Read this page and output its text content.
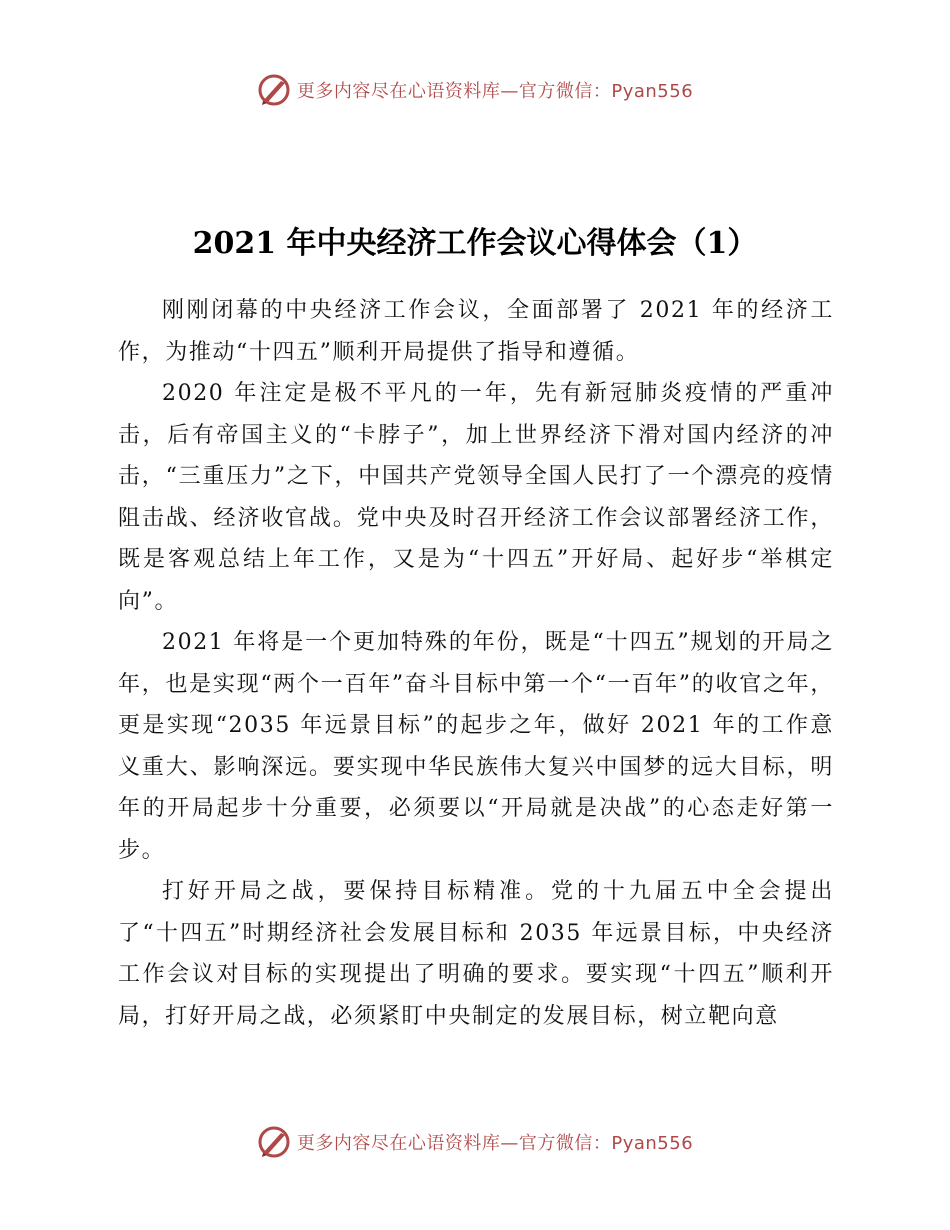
更多内容尽在心语资料库—官方微信：Pyan556
2021 年中央经济工作会议心得体会（1）

刚刚闭幕的中央经济工作会议，全面部署了 2021 年的经济工作，为推动“十四五”顺利开局提供了指导和遵循。

2020 年注定是极不平凡的一年，先有新冠肺炎疫情的严重冲击，后有帝国主义的“卡脖子”，加上世界经济下滑对国内经济的冲击，“三重压力”之下，中国共产党领导全国人民打了一个漂亮的疫情阻击战、经济收官战。党中央及时召开经济工作会议部署经济工作，既是客观总结上年工作，又是为“十四五”开好局、起好步“举棋定向”。

2021 年将是一个更加特殊的年份，既是“十四五”规划的开局之年，也是实现“两个一百年”奋斗目标中第一个“一百年”的收官之年，更是实现“2035 年远景目标”的起步之年，做好 2021 年的工作意义重大、影响深远。要实现中华民族伟大复兴中国梦的远大目标，明年的开局起步十分重要，必须要以“开局就是决战”的心态走好第一步。

打好开局之战，要保持目标精准。党的十九届五中全会提出了“十四五”时期经济社会发展目标和 2035 年远景目标，中央经济工作会议对目标的实现提出了明确的要求。要实现“十四五”顺利开局，打好开局之战，必须紧盯中央制定的发展目标，树立靶向意

更多内容尽在心语资料库—官方微信：Pyan556
